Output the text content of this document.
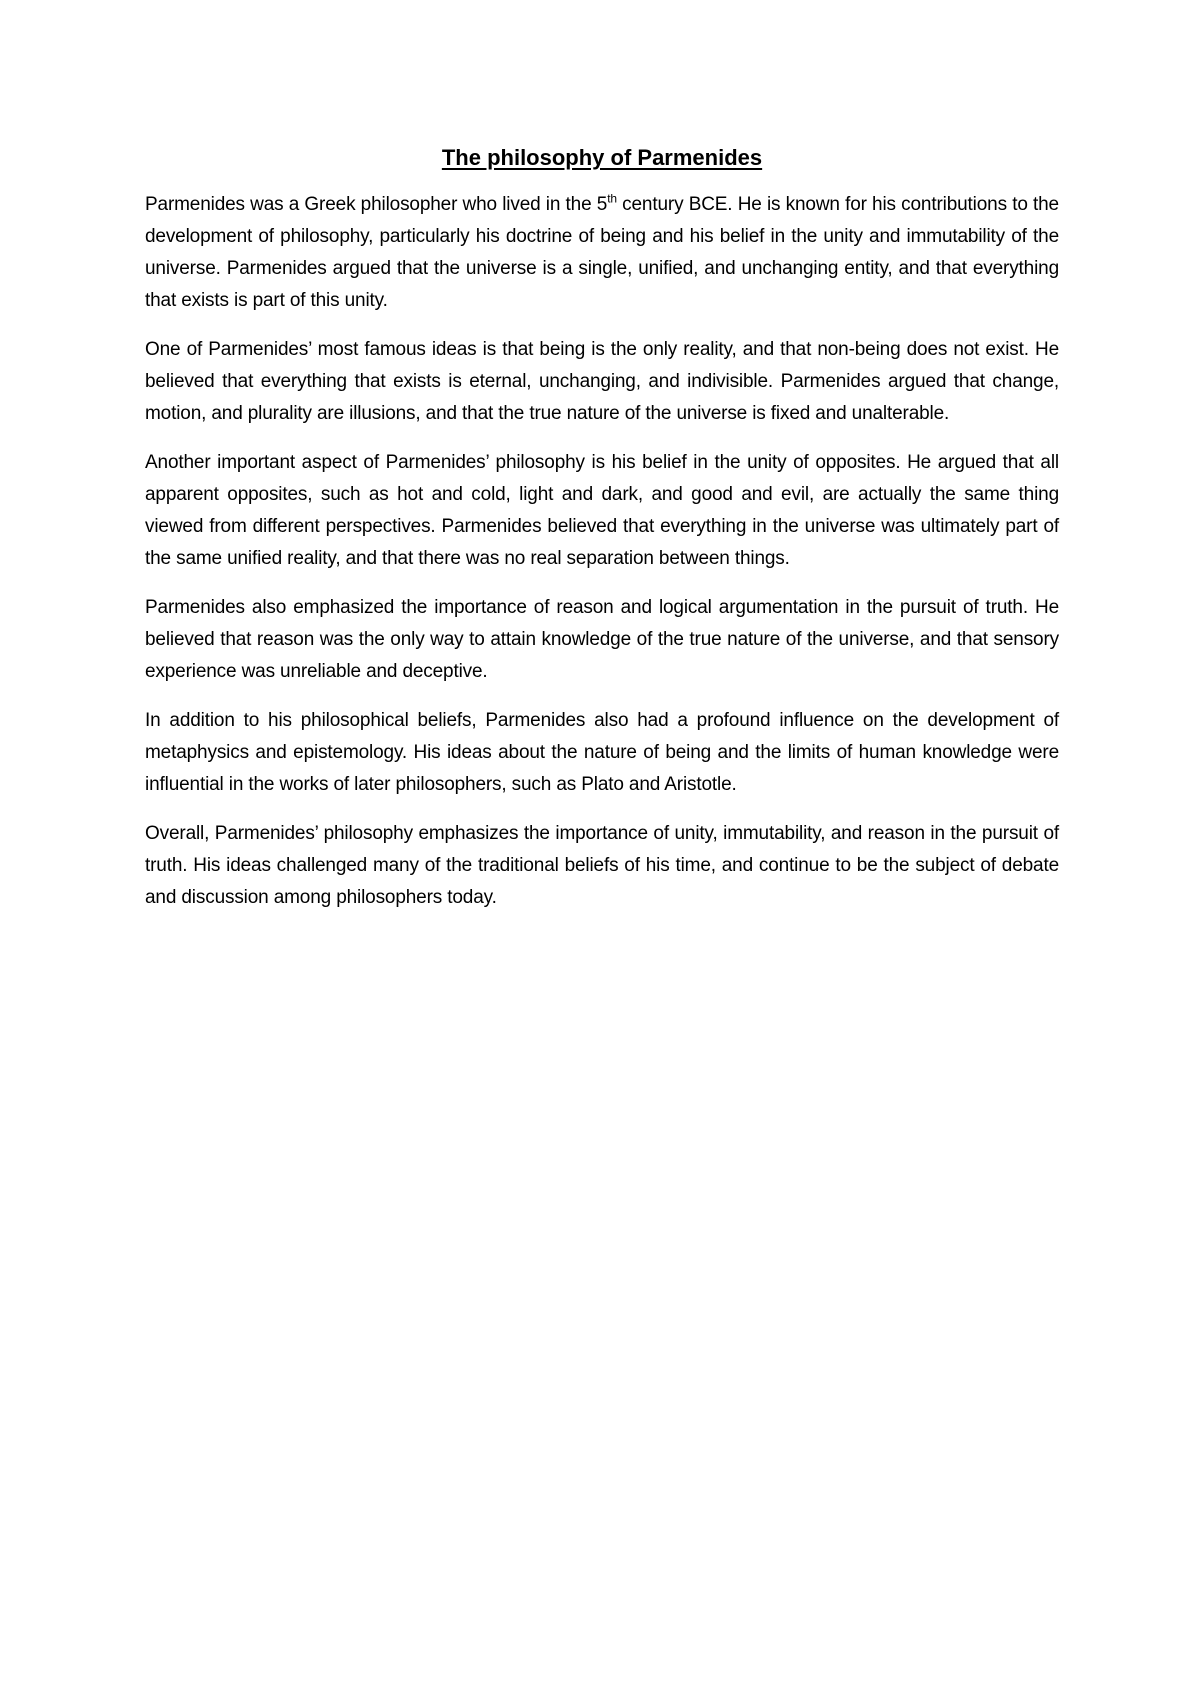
The philosophy of Parmenides

Parmenides was a Greek philosopher who lived in the 5th century BCE. He is known for his contributions to the development of philosophy, particularly his doctrine of being and his belief in the unity and immutability of the universe. Parmenides argued that the universe is a single, unified, and unchanging entity, and that everything that exists is part of this unity.

One of Parmenides’ most famous ideas is that being is the only reality, and that non-being does not exist. He believed that everything that exists is eternal, unchanging, and indivisible. Parmenides argued that change, motion, and plurality are illusions, and that the true nature of the universe is fixed and unalterable.

Another important aspect of Parmenides’ philosophy is his belief in the unity of opposites. He argued that all apparent opposites, such as hot and cold, light and dark, and good and evil, are actually the same thing viewed from different perspectives. Parmenides believed that everything in the universe was ultimately part of the same unified reality, and that there was no real separation between things.

Parmenides also emphasized the importance of reason and logical argumentation in the pursuit of truth. He believed that reason was the only way to attain knowledge of the true nature of the universe, and that sensory experience was unreliable and deceptive.

In addition to his philosophical beliefs, Parmenides also had a profound influence on the development of metaphysics and epistemology. His ideas about the nature of being and the limits of human knowledge were influential in the works of later philosophers, such as Plato and Aristotle.

Overall, Parmenides’ philosophy emphasizes the importance of unity, immutability, and reason in the pursuit of truth. His ideas challenged many of the traditional beliefs of his time, and continue to be the subject of debate and discussion among philosophers today.
